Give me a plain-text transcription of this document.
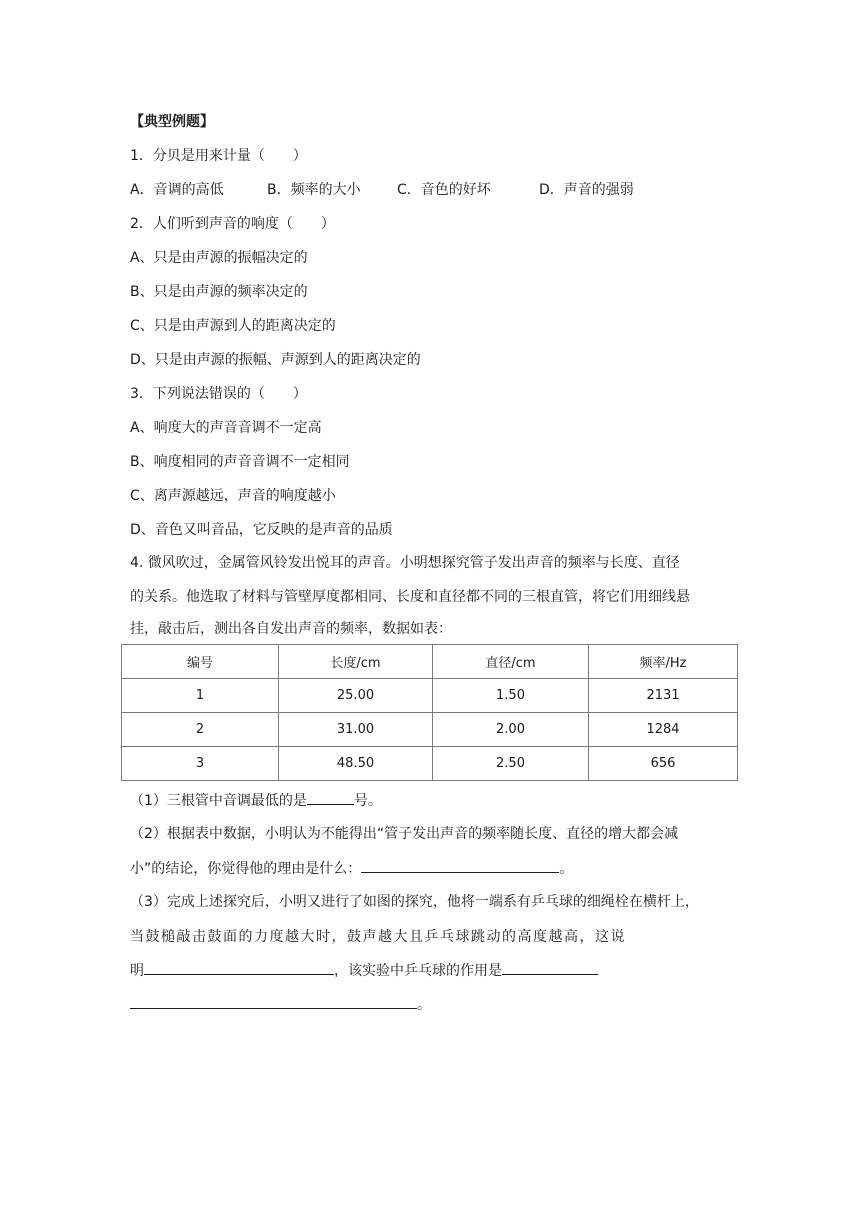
【典型例题】
1．分贝是用来计量（　　）
A．音调的高低	B．频率的大小	C．音色的好坏	D．声音的强弱
2．人们听到声音的响度（　　）
A、只是由声源的振幅决定的
B、只是由声源的频率决定的
C、只是由声源到人的距离决定的
D、只是由声源的振幅、声源到人的距离决定的
3．下列说法错误的（　　）
A、响度大的声音音调不一定高
B、响度相同的声音音调不一定相同
C、离声源越远，声音的响度越小
D、音色又叫音品，它反映的是声音的品质
4. 微风吹过，金属管风铃发出悦耳的声音。小明想探究管子发出声音的频率与长度、直径
的关系。他选取了材料与管壁厚度都相同、长度和直径都不同的三根直管，将它们用细线悬
挂，敲击后，测出各自发出声音的频率，数据如表：
编号	长度/cm	直径/cm	频率/Hz
1	25.00	1.50	2131
2	31.00	2.00	1284
3	48.50	2.50	656
（1）三根管中音调最低的是	号。
（2）根据表中数据，小明认为不能得出“管子发出声音的频率随长度、直径的增大都会减
小”的结论，你觉得他的理由是什么：	。
（3）完成上述探究后，小明又进行了如图的探究，他将一端系有乒乓球的细绳栓在横杆上，
当鼓槌敲击鼓面的力度越大时，鼓声越大且乒乓球跳动的高度越高，这说
明	，该实验中乒乓球的作用是
。
